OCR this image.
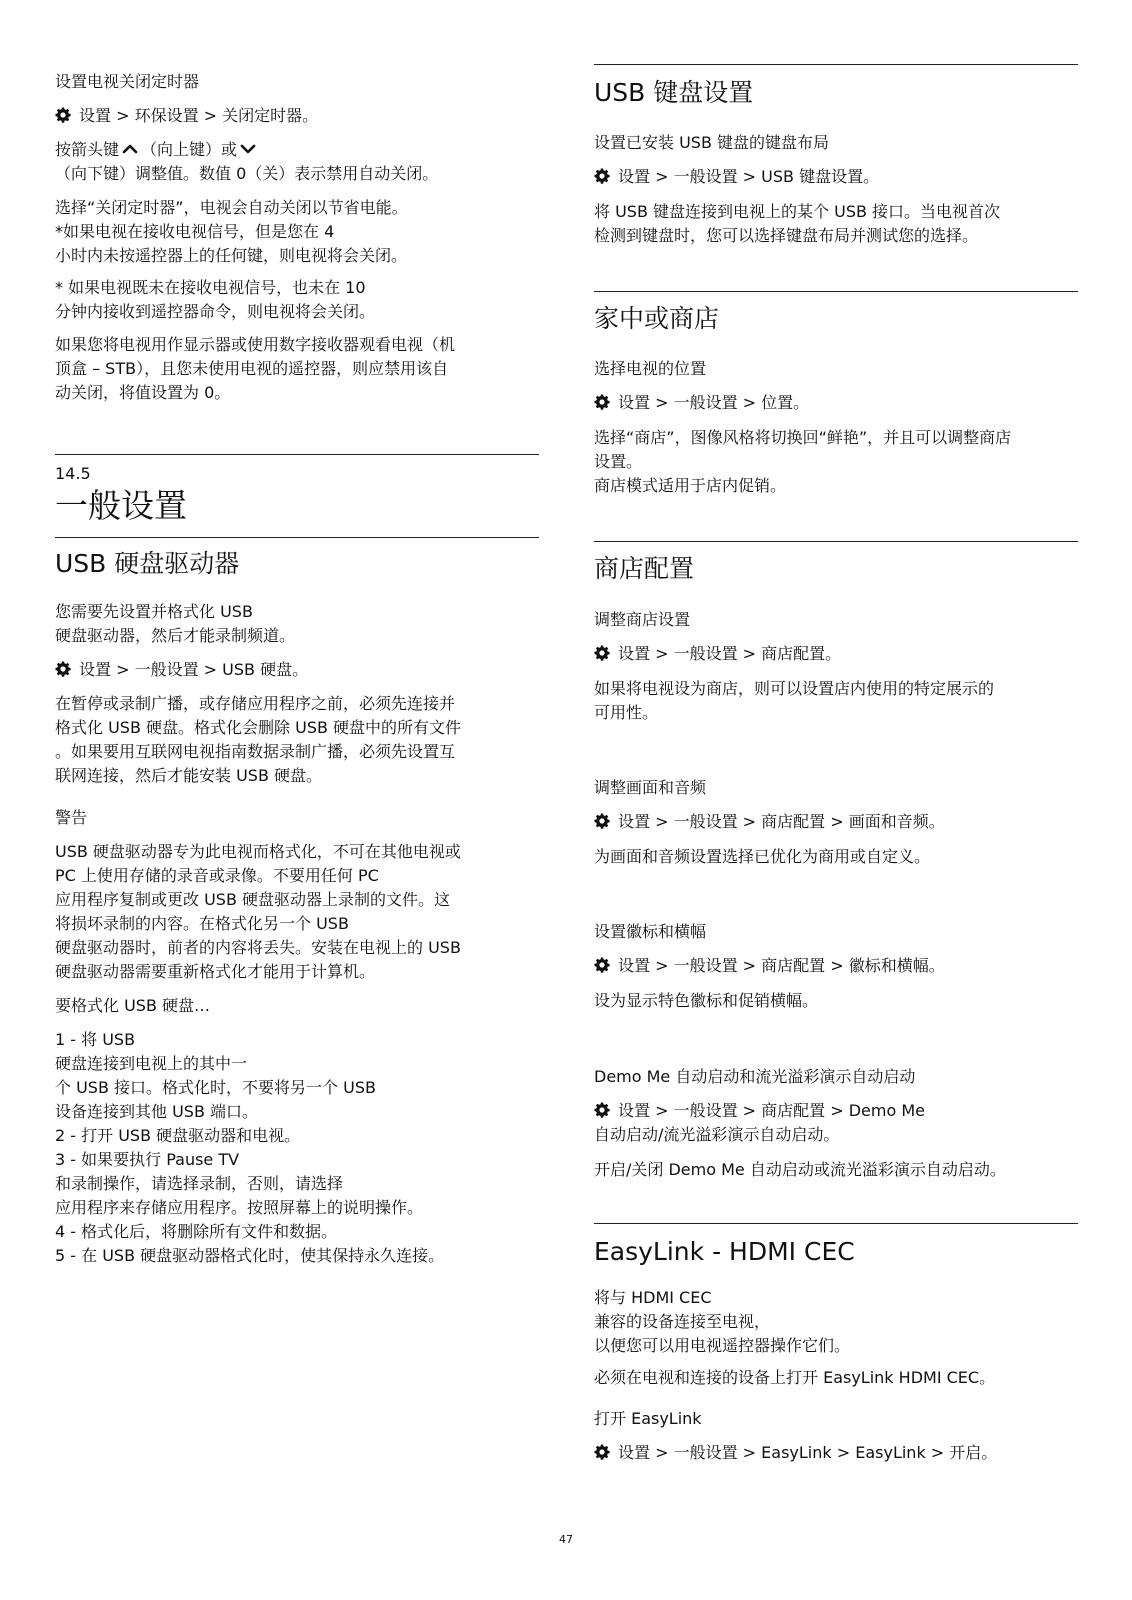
设置电视关闭定时器

设置 > 环保设置 > 关闭定时器。

按箭头键 （向上键）或
（向下键）调整值。数值 0（关）表示禁用自动关闭。

选择“关闭定时器”，电视会自动关闭以节省电能。
*如果电视在接收电视信号，但是您在 4
小时内未按遥控器上的任何键，则电视将会关闭。

* 如果电视既未在接收电视信号，也未在 10
分钟内接收到遥控器命令，则电视将会关闭。

如果您将电视用作显示器或使用数字接收器观看电视（机
顶盒 – STB），且您未使用电视的遥控器，则应禁用该自
动关闭，将值设置为 0。

14.5
一般设置
USB 硬盘驱动器

您需要先设置并格式化 USB
硬盘驱动器，然后才能录制频道。

设置 > 一般设置 > USB 硬盘。

在暂停或录制广播，或存储应用程序之前，必须先连接并
格式化 USB 硬盘。格式化会删除 USB 硬盘中的所有文件
。如果要用互联网电视指南数据录制广播，必须先设置互
联网连接，然后才能安装 USB 硬盘。

警告

USB 硬盘驱动器专为此电视而格式化，不可在其他电视或
PC 上使用存储的录音或录像。不要用任何 PC
应用程序复制或更改 USB 硬盘驱动器上录制的文件。这
将损坏录制的内容。在格式化另一个 USB
硬盘驱动器时，前者的内容将丢失。安装在电视上的 USB
硬盘驱动器需要重新格式化才能用于计算机。

要格式化 USB 硬盘…

1 - 将 USB
硬盘连接到电视上的其中一
个 USB 接口。格式化时，不要将另一个 USB
设备连接到其他 USB 端口。
2 - 打开 USB 硬盘驱动器和电视。
3 - 如果要执行 Pause TV
和录制操作，请选择录制，否则，请选择
应用程序来存储应用程序。按照屏幕上的说明操作。
4 - 格式化后，将删除所有文件和数据。
5 - 在 USB 硬盘驱动器格式化时，使其保持永久连接。

USB 键盘设置

设置已安装 USB 键盘的键盘布局

设置 > 一般设置 > USB 键盘设置。

将 USB 键盘连接到电视上的某个 USB 接口。当电视首次
检测到键盘时，您可以选择键盘布局并测试您的选择。

家中或商店

选择电视的位置

设置 > 一般设置 > 位置。

选择“商店”，图像风格将切换回“鲜艳”，并且可以调整商店
设置。
商店模式适用于店内促销。

商店配置

调整商店设置

设置 > 一般设置 > 商店配置。

如果将电视设为商店，则可以设置店内使用的特定展示的
可用性。

调整画面和音频

设置 > 一般设置 > 商店配置 > 画面和音频。

为画面和音频设置选择已优化为商用或自定义。

设置徽标和横幅

设置 > 一般设置 > 商店配置 > 徽标和横幅。

设为显示特色徽标和促销横幅。

Demo Me 自动启动和流光溢彩演示自动启动

设置 > 一般设置 > 商店配置 > Demo Me
自动启动/流光溢彩演示自动启动。

开启/关闭 Demo Me 自动启动或流光溢彩演示自动启动。

EasyLink - HDMI CEC

将与 HDMI CEC
兼容的设备连接至电视，
以便您可以用电视遥控器操作它们。

必须在电视和连接的设备上打开 EasyLink HDMI CEC。

打开 EasyLink

设置 > 一般设置 > EasyLink > EasyLink > 开启。

47
